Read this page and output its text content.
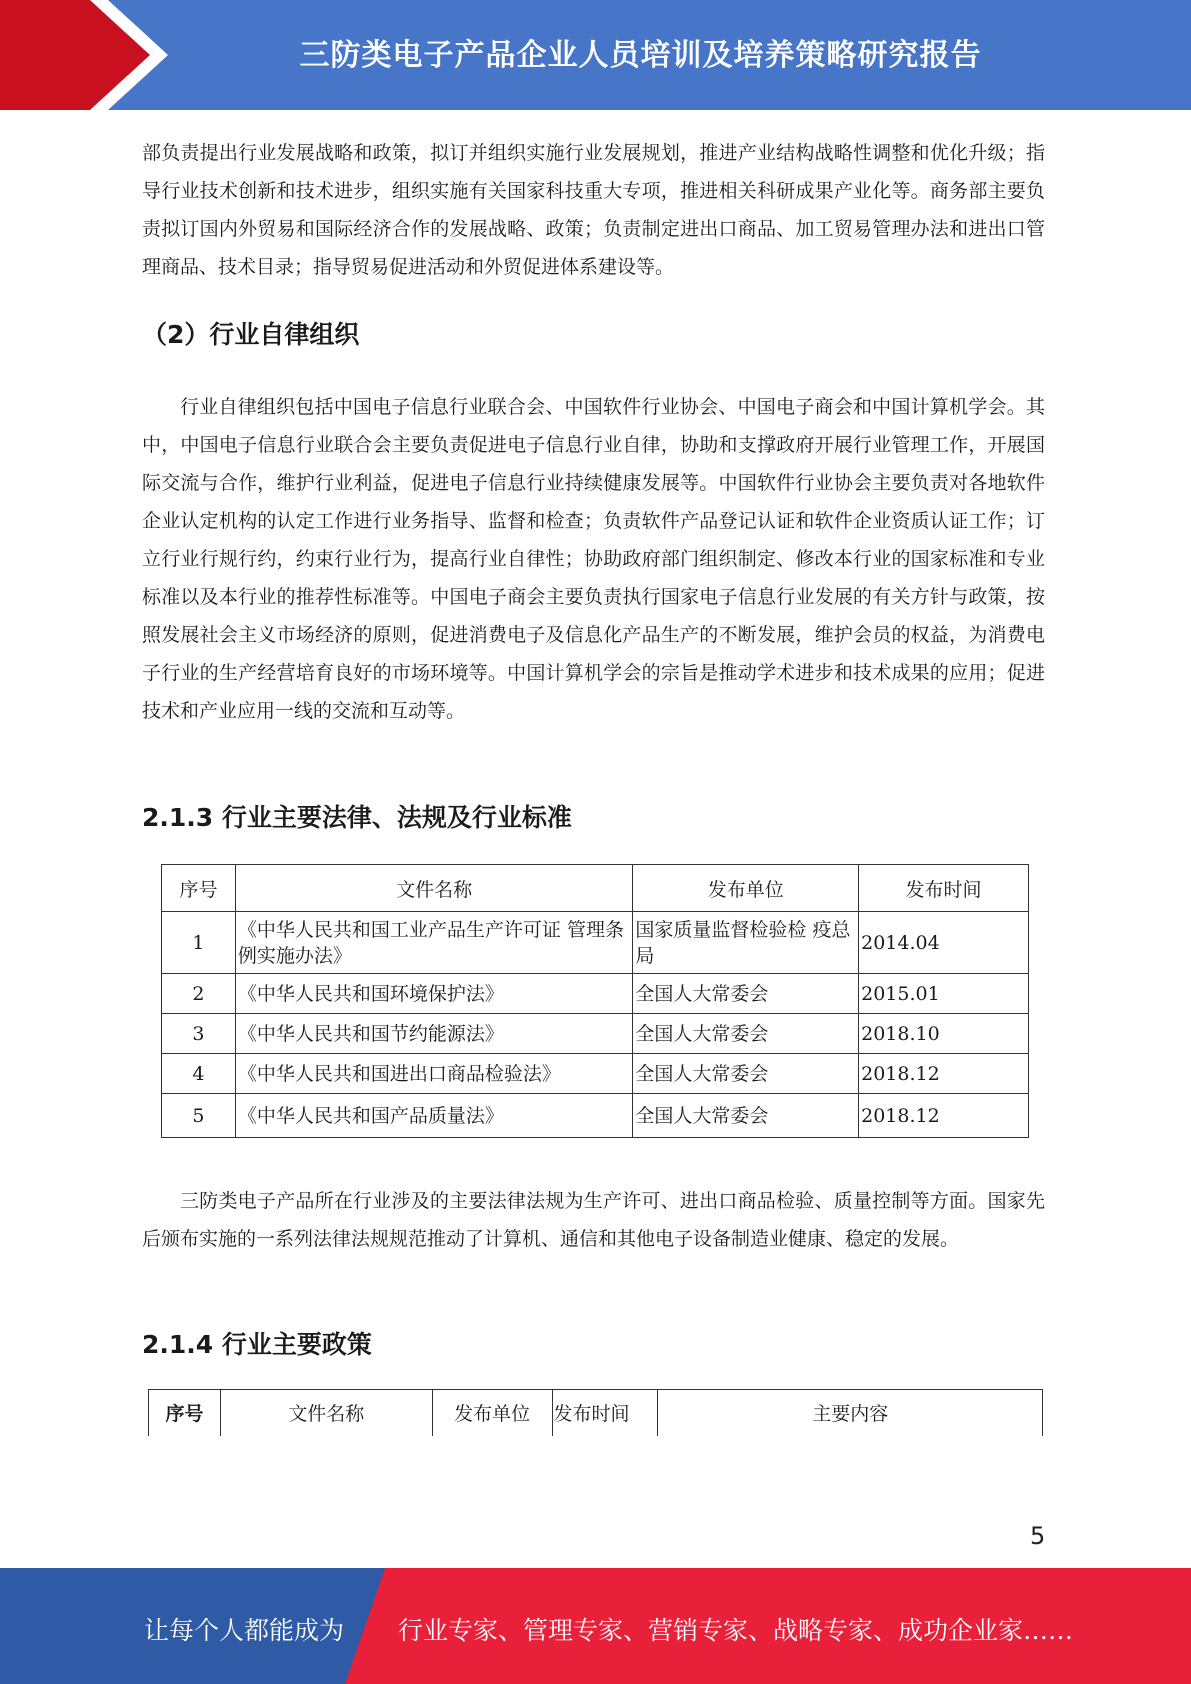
三防类电子产品企业人员培训及培养策略研究报告

部负责提出行业发展战略和政策，拟订并组织实施行业发展规划，推进产业结构战略性调整和优化升级；指导行业技术创新和技术进步，组织实施有关国家科技重大专项，推进相关科研成果产业化等。商务部主要负责拟订国内外贸易和国际经济合作的发展战略、政策；负责制定进出口商品、加工贸易管理办法和进出口管理商品、技术目录；指导贸易促进活动和外贸促进体系建设等。

（2）行业自律组织

行业自律组织包括中国电子信息行业联合会、中国软件行业协会、中国电子商会和中国计算机学会。其中，中国电子信息行业联合会主要负责促进电子信息行业自律，协助和支撑政府开展行业管理工作，开展国际交流与合作，维护行业利益，促进电子信息行业持续健康发展等。中国软件行业协会主要负责对各地软件企业认定机构的认定工作进行业务指导、监督和检查；负责软件产品登记认证和软件企业资质认证工作；订立行业行规行约，约束行业行为，提高行业自律性；协助政府部门组织制定、修改本行业的国家标准和专业标准以及本行业的推荐性标准等。中国电子商会主要负责执行国家电子信息行业发展的有关方针与政策，按照发展社会主义市场经济的原则，促进消费电子及信息化产品生产的不断发展，维护会员的权益，为消费电子行业的生产经营培育良好的市场环境等。中国计算机学会的宗旨是推动学术进步和技术成果的应用；促进技术和产业应用一线的交流和互动等。

2.1.3 行业主要法律、法规及行业标准

序号	文件名称	发布单位	发布时间
1	《中华人民共和国工业产品生产许可证 管理条例实施办法》	国家质量监督检验检 疫总局	2014.04
2	《中华人民共和国环境保护法》	全国人大常委会	2015.01
3	《中华人民共和国节约能源法》	全国人大常委会	2018.10
4	《中华人民共和国进出口商品检验法》	全国人大常委会	2018.12
5	《中华人民共和国产品质量法》	全国人大常委会	2018.12

三防类电子产品所在行业涉及的主要法律法规为生产许可、进出口商品检验、质量控制等方面。国家先后颁布实施的一系列法律法规规范推动了计算机、通信和其他电子设备制造业健康、稳定的发展。

2.1.4 行业主要政策

序号	文件名称	发布单位	发布时间	主要内容
5
让每个人都能成为 行业专家、管理专家、营销专家、战略专家、成功企业家……
